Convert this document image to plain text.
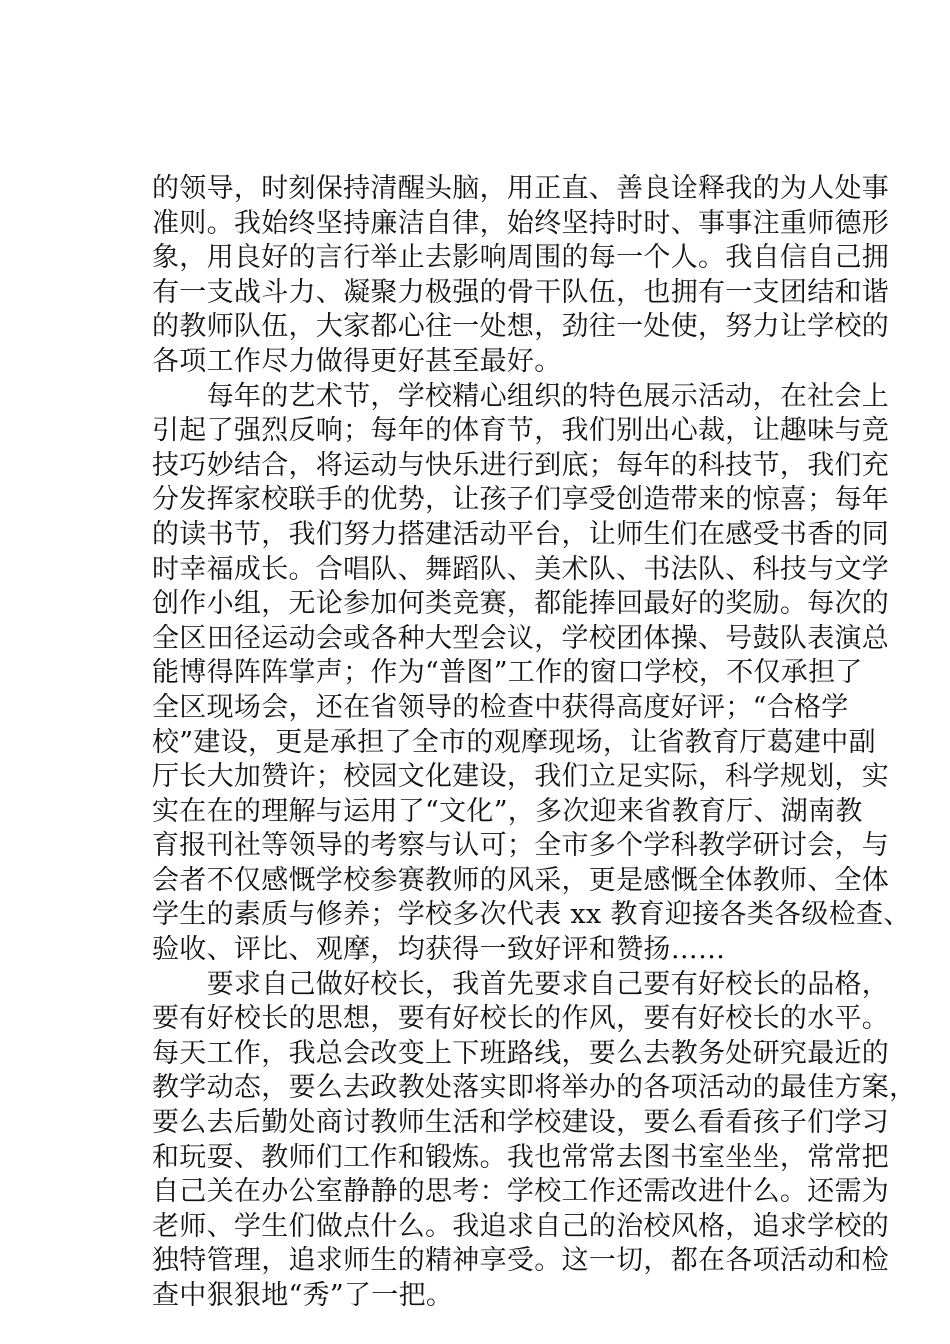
的领导，时刻保持清醒头脑，用正直、善良诠释我的为人处事
准则。我始终坚持廉洁自律，始终坚持时时、事事注重师德形
象，用良好的言行举止去影响周围的每一个人。我自信自己拥
有一支战斗力、凝聚力极强的骨干队伍，也拥有一支团结和谐
的教师队伍，大家都心往一处想，劲往一处使，努力让学校的
各项工作尽力做得更好甚至最好。
　　每年的艺术节，学校精心组织的特色展示活动，在社会上
引起了强烈反响；每年的体育节，我们别出心裁，让趣味与竞
技巧妙结合，将运动与快乐进行到底；每年的科技节，我们充
分发挥家校联手的优势，让孩子们享受创造带来的惊喜；每年
的读书节，我们努力搭建活动平台，让师生们在感受书香的同
时幸福成长。合唱队、舞蹈队、美术队、书法队、科技与文学
创作小组，无论参加何类竞赛，都能捧回最好的奖励。每次的
全区田径运动会或各种大型会议，学校团体操、号鼓队表演总
能博得阵阵掌声；作为“普图”工作的窗口学校，不仅承担了
全区现场会，还在省领导的检查中获得高度好评；“合格学
校”建设，更是承担了全市的观摩现场，让省教育厅葛建中副
厅长大加赞许；校园文化建设，我们立足实际，科学规划，实
实在在的理解与运用了“文化”，多次迎来省教育厅、湖南教
育报刊社等领导的考察与认可；全市多个学科教学研讨会，与
会者不仅感慨学校参赛教师的风采，更是感慨全体教师、全体
学生的素质与修养；学校多次代表 xx 教育迎接各类各级检查、
验收、评比、观摩，均获得一致好评和赞扬……
　　要求自己做好校长，我首先要求自己要有好校长的品格，
要有好校长的思想，要有好校长的作风，要有好校长的水平。
每天工作，我总会改变上下班路线，要么去教务处研究最近的
教学动态，要么去政教处落实即将举办的各项活动的最佳方案，
要么去后勤处商讨教师生活和学校建设，要么看看孩子们学习
和玩耍、教师们工作和锻炼。我也常常去图书室坐坐，常常把
自己关在办公室静静的思考：学校工作还需改进什么。还需为
老师、学生们做点什么。我追求自己的治校风格，追求学校的
独特管理，追求师生的精神享受。这一切，都在各项活动和检
查中狠狠地“秀”了一把。
